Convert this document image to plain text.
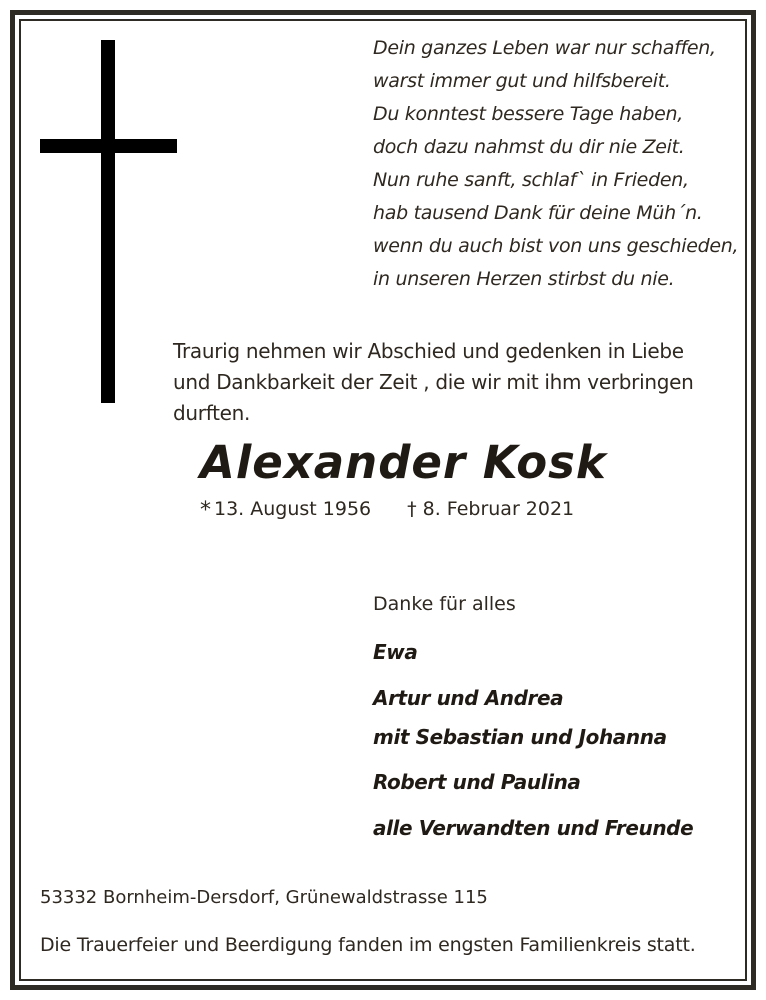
Dein ganzes Leben war nur schaffen,
warst immer gut und hilfsbereit.
Du konntest bessere Tage haben,
doch dazu nahmst du dir nie Zeit.
Nun ruhe sanft, schlaf` in Frieden,
hab tausend Dank für deine Müh´n.
wenn du auch bist von uns geschieden,
in unseren Herzen stirbst du nie.
Traurig nehmen wir Abschied und gedenken in Liebe
und Dankbarkeit der Zeit , die wir mit ihm verbringen
durften.
Alexander Kosk
* 13. August 1956 † 8. Februar 2021
Danke für alles
Ewa
Artur und Andrea
mit Sebastian und Johanna
Robert und Paulina
alle Verwandten und Freunde
53332 Bornheim-Dersdorf, Grünewaldstrasse 115
Die Trauerfeier und Beerdigung fanden im engsten Familienkreis statt.
